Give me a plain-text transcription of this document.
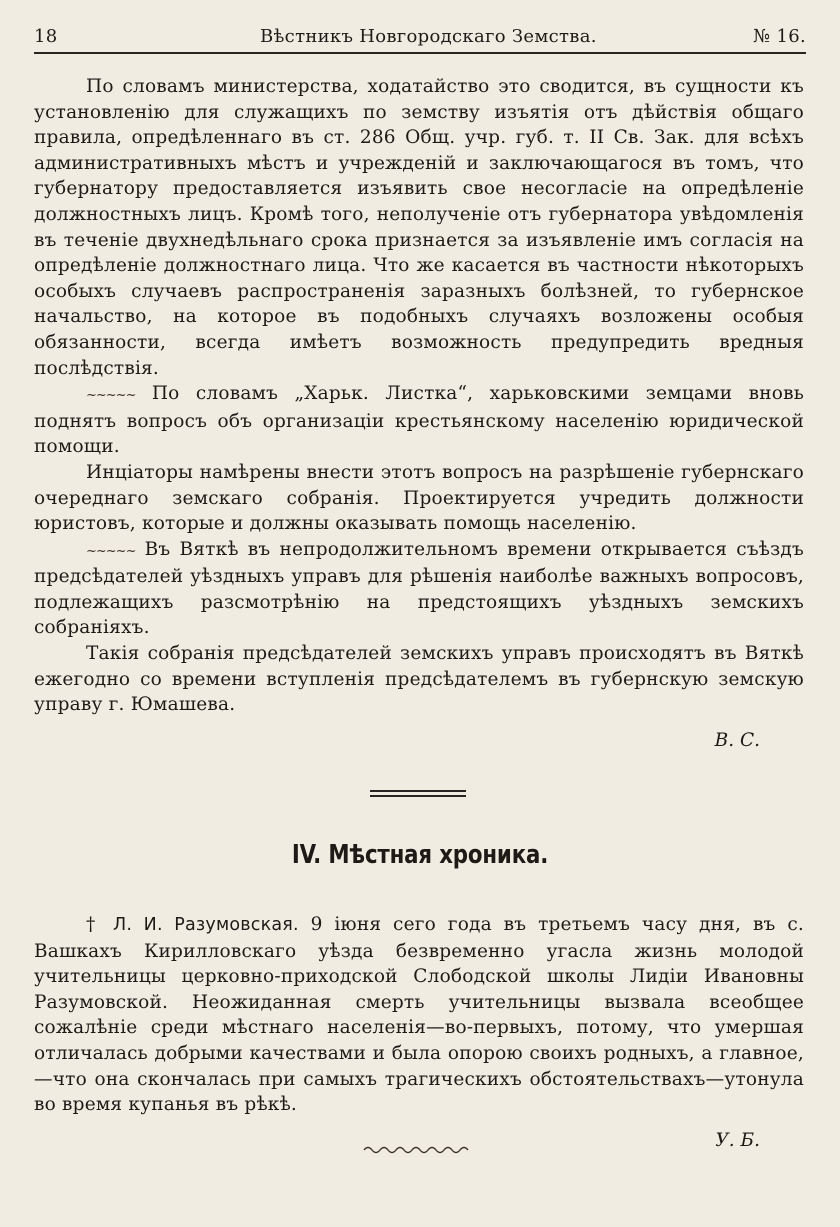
18	Вѣстникъ Новгородскаго Земства.	№ 16.

По словамъ министерства, ходатайство это сводится, въ сущности къ установленію для служащихъ по земству изъятія отъ дѣйствія общаго правила, опредѣленнаго въ ст. 286 Общ. учр. губ. т. II Св. Зак. для всѣхъ административныхъ мѣстъ и учрежденій и заключающагося въ томъ, что губернатору предоставляется изъявить свое несогласіе на опредѣленіе должностныхъ лицъ. Кромѣ того, неполученіе отъ губернатора увѣдомленія въ теченіе двухнедѣльнаго срока признается за изъявленіе имъ согласія на опредѣленіе должностнаго лица. Что же касается въ частности нѣкоторыхъ особыхъ случаевъ распространенія заразныхъ болѣзней, то губернское начальство, на которое въ подобныхъ случаяхъ возложены особыя обязанности, всегда имѣетъ возможность предупредить вредныя послѣдствія.

~~~~~ По словамъ „Харьк. Листка“, харьковскими земцами вновь поднятъ вопросъ объ организаціи крестьянскому населенію юридической помощи.

Инціаторы намѣрены внести этотъ вопросъ на разрѣшеніе губернскаго очереднаго земскаго собранія. Проектируется учредить должности юристовъ, которые и должны оказывать помощь населенію.

~~~~~ Въ Вяткѣ въ непродолжительномъ времени открывается съѣздъ предсѣдателей уѣздныхъ управъ для рѣшенія наиболѣе важныхъ вопросовъ, подлежащихъ разсмотрѣнію на предстоящихъ уѣздныхъ земскихъ собраніяхъ.

Такія собранія предсѣдателей земскихъ управъ происходятъ въ Вяткѣ ежегодно со времени вступленія предсѣдателемъ въ губернскую земскую управу г. Юмашева.

В. С.

IV. Мѣстная хроника.

† Л. И. Разумовская. 9 іюня сего года въ третьемъ часу дня, въ с. Вашкахъ Кирилловскаго уѣзда безвременно угасла жизнь молодой учительницы церковно-приходской Слободской школы Лидіи Ивановны Разумовской. Неожиданная смерть учительницы вызвала всеобщее сожалѣніе среди мѣстнаго населенія—во-первыхъ, потому, что умершая отличалась добрыми качествами и была опорою своихъ родныхъ, а главное,—что она скончалась при самыхъ трагическихъ обстоятельствахъ—утонула во время купанья въ рѣкѣ.

У. Б.
